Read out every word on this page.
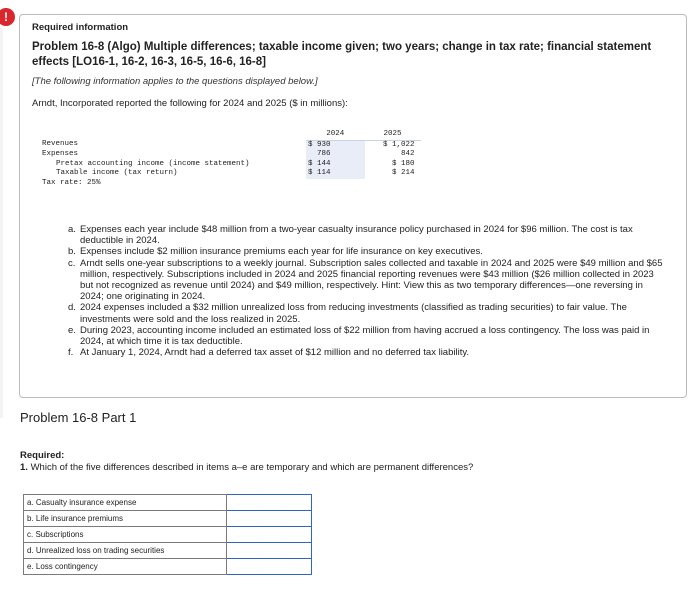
!
Required information
Problem 16-8 (Algo) Multiple differences; taxable income given; two years; change in tax rate; financial statement effects [LO16-1, 16-2, 16-3, 16-5, 16-6, 16-8]
[The following information applies to the questions displayed below.]
Arndt, Incorporated reported the following for 2024 and 2025 ($ in millions):
	2024	2025
Revenues	$ 930	$ 1,022
Expenses	786	842
Pretax accounting income (income statement)	$ 144	$ 180
Taxable income (tax return)	$ 114	$ 214
Tax rate: 25%		
a. Expenses each year include $48 million from a two-year casualty insurance policy purchased in 2024 for $96 million. The cost is tax deductible in 2024.
b. Expenses include $2 million insurance premiums each year for life insurance on key executives.
c. Arndt sells one-year subscriptions to a weekly journal. Subscription sales collected and taxable in 2024 and 2025 were $49 million and $65 million, respectively. Subscriptions included in 2024 and 2025 financial reporting revenues were $43 million ($26 million collected in 2023 but not recognized as revenue until 2024) and $49 million, respectively. Hint: View this as two temporary differences—one reversing in 2024; one originating in 2024.
d. 2024 expenses included a $32 million unrealized loss from reducing investments (classified as trading securities) to fair value. The investments were sold and the loss realized in 2025.
e. During 2023, accounting income included an estimated loss of $22 million from having accrued a loss contingency. The loss was paid in 2024, at which time it is tax deductible.
f. At January 1, 2024, Arndt had a deferred tax asset of $12 million and no deferred tax liability.
Problem 16-8 Part 1
Required:
1. Which of the five differences described in items a–e are temporary and which are permanent differences?
a. Casualty insurance expense	
b. Life insurance premiums	
c. Subscriptions	
d. Unrealized loss on trading securities	
e. Loss contingency	
